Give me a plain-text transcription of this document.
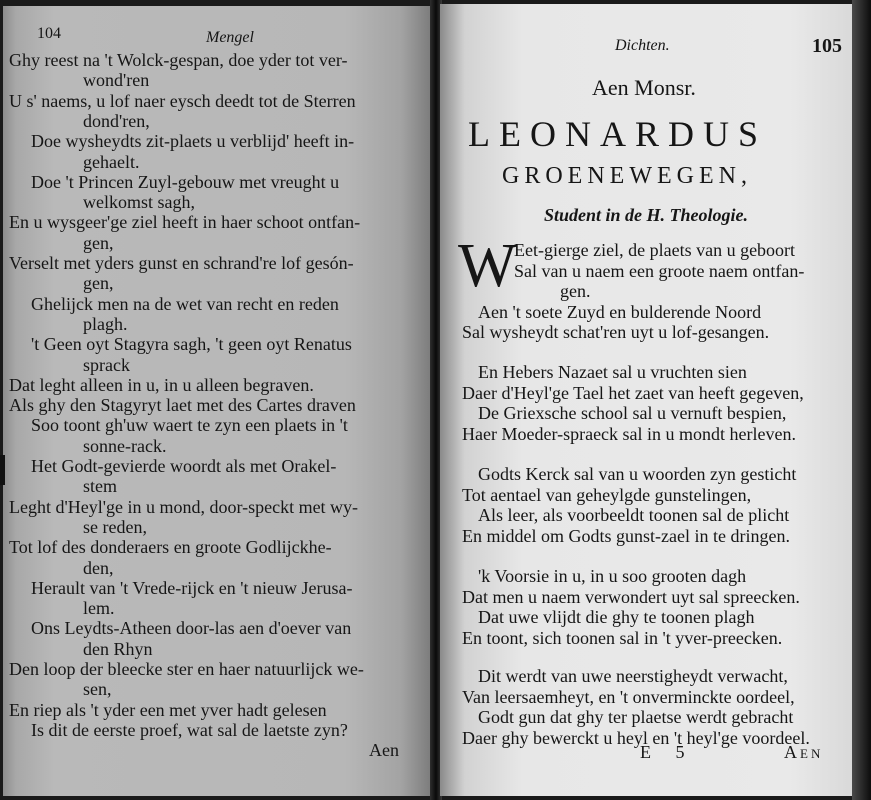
104	Mengel
Ghy reest na 't Wolck-gespan, doe yder tot ver-
wond'ren
U s' naems, u lof naer eysch deedt tot de Sterren
dond'ren,
Doe wysheydts zit-plaets u verblijd' heeft in-
gehaelt.
Doe 't Princen Zuyl-gebouw met vreught u
welkomst sagh,
En u wysgeer'ge ziel heeft in haer schoot ontfan-
gen,
Verselt met yders gunst en schrand're lof gesón-
gen,
Ghelijck men na de wet van recht en reden
plagh.
't Geen oyt Stagyra sagh, 't geen oyt Renatus
sprack
Dat leght alleen in u, in u alleen begraven.
Als ghy den Stagyryt laet met des Cartes draven
Soo toont gh'uw waert te zyn een plaets in 't
sonne-rack.
Het Godt-gevierde woordt als met Orakel-
stem
Leght d'Heyl'ge in u mond, door-speckt met wy-
se reden,
Tot lof des donderaers en groote Godlijckhe-
den,
Herault van 't Vrede-rijck en 't nieuw Jerusa-
lem.
Ons Leydts-Atheen door-las aen d'oever van
den Rhyn
Den loop der bleecke ster en haer natuurlijck we-
sen,
En riep als 't yder een met yver hadt gelesen
Is dit de eerste proef, wat sal de laetste zyn?
Aen
Dichten.	105
Aen Monsr.
LEONARDUS
GROENEWEGEN,
Student in de H. Theologie.
W
Eet-gierge ziel, de plaets van u geboort
Sal van u naem een groote naem ontfan-
gen.
Aen 't soete Zuyd en bulderende Noord
Sal wysheydt schat'ren uyt u lof-gesangen.
En Hebers Nazaet sal u vruchten sien
Daer d'Heyl'ge Tael het zaet van heeft gegeven,
De Griexsche school sal u vernuft bespien,
Haer Moeder-spraeck sal in u mondt herleven.
Godts Kerck sal van u woorden zyn gesticht
Tot aentael van geheylgde gunstelingen,
Als leer, als voorbeeldt toonen sal de plicht
En middel om Godts gunst-zael in te dringen.
'k Voorsie in u, in u soo grooten dagh
Dat men u naem verwondert uyt sal spreecken.
Dat uwe vlijdt die ghy te toonen plagh
En toont, sich toonen sal in 't yver-preecken.
Dit werdt van uwe neerstigheydt verwacht,
Van leersaemheyt, en 't onverminckte oordeel,
Godt gun dat ghy ter plaetse werdt gebracht
Daer ghy bewerckt u heyl en 't heyl'ge voordeel.
E 5	Aen
